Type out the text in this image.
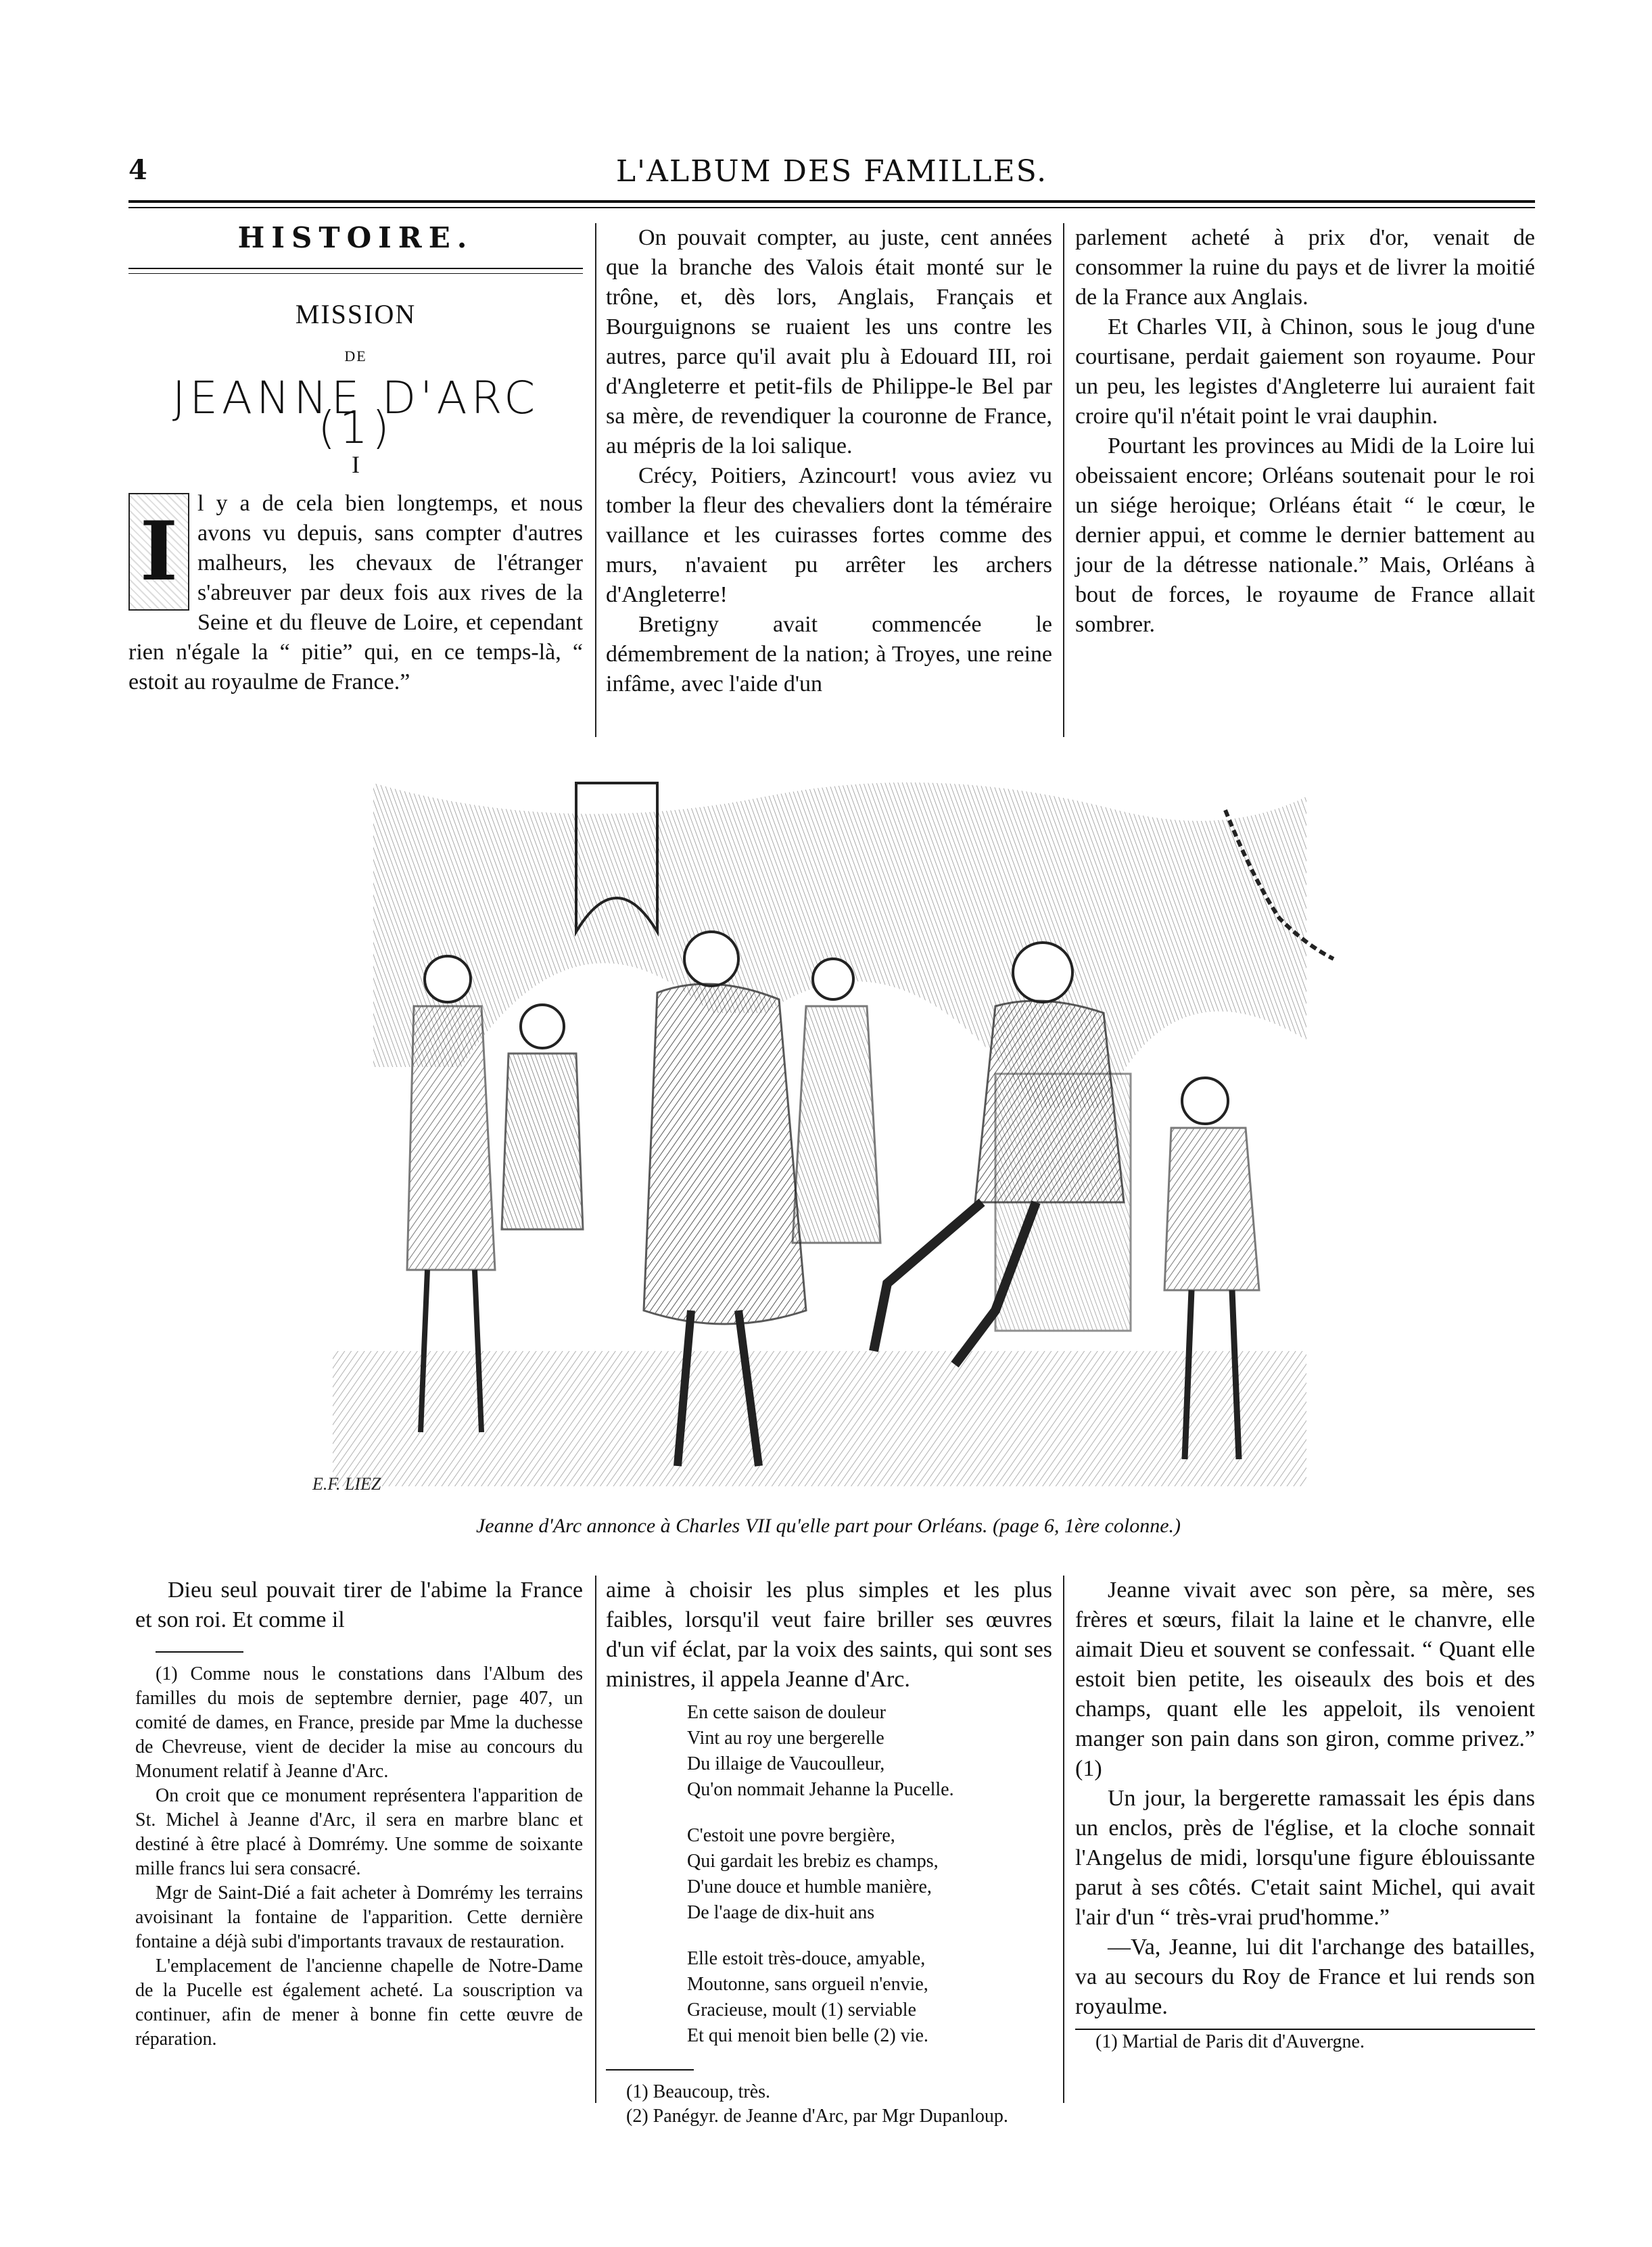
4	L'ALBUM DES FAMILLES.
HISTOIRE.
MISSION
DE
JEANNE D'ARC (1)
I
I

l y a de cela bien longtemps, et nous avons vu depuis, sans compter d'autres malheurs, les chevaux de l'étranger s'abreuver par deux fois aux rives de la Seine et du fleuve de Loire, et cependant rien n'égale la “ pitie” qui, en ce temps-là, “ estoit au royaulme de France.”

On pouvait compter, au juste, cent années que la branche des Valois était monté sur le trône, et, dès lors, Anglais, Français et Bourguignons se ruaient les uns contre les autres, parce qu'il avait plu à Edouard III, roi d'Angleterre et petit-fils de Philippe-le Bel par sa mère, de revendiquer la couronne de France, au mépris de la loi salique.

Crécy, Poitiers, Azincourt! vous aviez vu tomber la fleur des chevaliers dont la téméraire vaillance et les cuirasses fortes comme des murs, n'avaient pu arrêter les archers d'Angleterre!

Bretigny avait commencée le démembrement de la nation; à Troyes, une reine infâme, avec l'aide d'un

parlement acheté à prix d'or, venait de consommer la ruine du pays et de livrer la moitié de la France aux Anglais.

Et Charles VII, à Chinon, sous le joug d'une courtisane, perdait gaiement son royaume. Pour un peu, les legistes d'Angleterre lui auraient fait croire qu'il n'était point le vrai dauphin.

Pourtant les provinces au Midi de la Loire lui obeissaient encore; Orléans soutenait pour le roi un siége heroique; Orléans était “ le cœur, le dernier appui, et comme le dernier battement au jour de la détresse nationale.” Mais, Orléans à bout de forces, le royaume de France allait sombrer.

E.F. LIEZ
Jeanne d'Arc annonce à Charles VII qu'elle part pour Orléans. (page 6, 1ère colonne.)

Dieu seul pouvait tirer de l'abime la France et son roi. Et comme il

(1) Comme nous le constations dans l'Album des familles du mois de septembre dernier, page 407, un comité de dames, en France, preside par Mme la duchesse de Chevreuse, vient de decider la mise au concours du Monument relatif à Jeanne d'Arc.

On croit que ce monument représentera l'apparition de St. Michel à Jeanne d'Arc, il sera en marbre blanc et destiné à être placé à Domrémy. Une somme de soixante mille francs lui sera consacré.

Mgr de Saint-Dié a fait acheter à Domrémy les terrains avoisinant la fontaine de l'apparition. Cette dernière fontaine a déjà subi d'importants travaux de restauration.

L'emplacement de l'ancienne chapelle de Notre-Dame de la Pucelle est également acheté. La souscription va continuer, afin de mener à bonne fin cette œuvre de réparation.

aime à choisir les plus simples et les plus faibles, lorsqu'il veut faire briller ses œuvres d'un vif éclat, par la voix des saints, qui sont ses ministres, il appela Jeanne d'Arc.

En cette saison de douleur
Vint au roy une bergerelle
Du illaige de Vaucoulleur,
Qu'on nommait Jehanne la Pucelle.
C'estoit une povre bergière,
Qui gardait les brebiz es champs,
D'une douce et humble manière,
De l'aage de dix-huit ans
Elle estoit très-douce, amyable,
Moutonne, sans orgueil n'envie,
Gracieuse, moult (1) serviable
Et qui menoit bien belle (2) vie.

(1) Beaucoup, très.

(2) Panégyr. de Jeanne d'Arc, par Mgr Dupanloup.

Jeanne vivait avec son père, sa mère, ses frères et sœurs, filait la laine et le chanvre, elle aimait Dieu et souvent se confessait. “ Quant elle estoit bien petite, les oiseaulx des bois et des champs, quant elle les appeloit, ils venoient manger son pain dans son giron, comme privez.” (1)

Un jour, la bergerette ramassait les épis dans un enclos, près de l'église, et la cloche sonnait l'Angelus de midi, lorsqu'une figure éblouissante parut à ses côtés. C'etait saint Michel, qui avait l'air d'un “ très-vrai prud'homme.”

—Va, Jeanne, lui dit l'archange des batailles, va au secours du Roy de France et lui rends son royaulme.

(1) Martial de Paris dit d'Auvergne.
